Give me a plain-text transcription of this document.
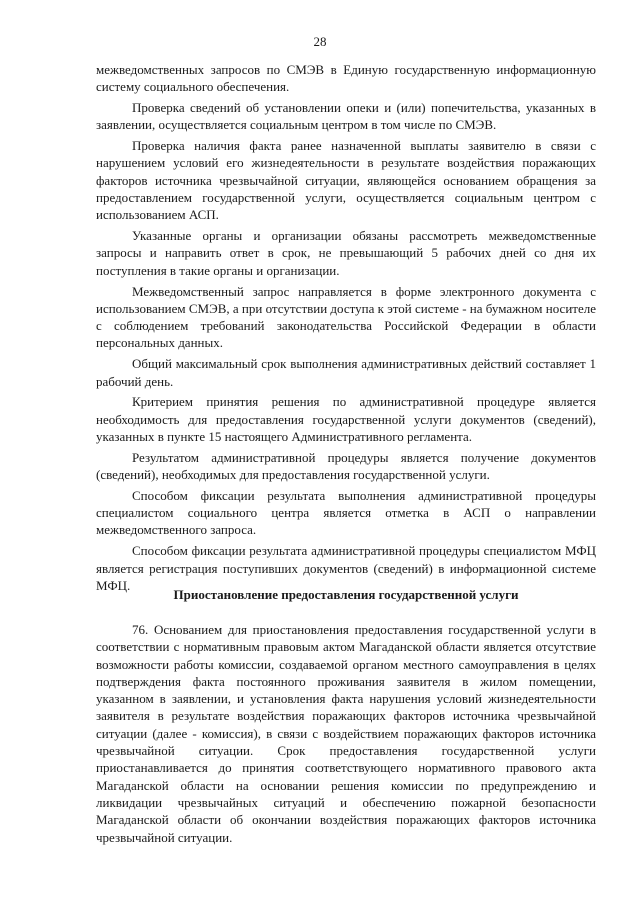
28

межведомственных запросов по СМЭВ в Единую государственную информационную систему социального обеспечения.

Проверка сведений об установлении опеки и (или) попечительства, указанных в заявлении, осуществляется социальным центром в том числе по СМЭВ.

Проверка наличия факта ранее назначенной выплаты заявителю в связи с нарушением условий его жизнедеятельности в результате воздействия поражающих факторов источника чрезвычайной ситуации, являющейся основанием обращения за предоставлением государственной услуги, осуществляется социальным центром с использованием АСП.

Указанные органы и организации обязаны рассмотреть межведомственные запросы и направить ответ в срок, не превышающий 5 рабочих дней со дня их поступления в такие органы и организации.

Межведомственный запрос направляется в форме электронного документа с использованием СМЭВ, а при отсутствии доступа к этой системе - на бумажном носителе с соблюдением требований законодательства Российской Федерации в области персональных данных.

Общий максимальный срок выполнения административных действий составляет 1 рабочий день.

Критерием принятия решения по административной процедуре является необходимость для предоставления государственной услуги документов (сведений), указанных в пункте 15 настоящего Административного регламента.

Результатом административной процедуры является получение документов (сведений), необходимых для предоставления государственной услуги.

Способом фиксации результата выполнения административной процедуры специалистом социального центра является отметка в АСП о направлении межведомственного запроса.

Способом фиксации результата административной процедуры специалистом МФЦ является регистрация поступивших документов (сведений) в информационной системе МФЦ.

Приостановление предоставления государственной услуги

76. Основанием для приостановления предоставления государственной услуги в соответствии с нормативным правовым актом Магаданской области является отсутствие возможности работы комиссии, создаваемой органом местного самоуправления в целях подтверждения факта постоянного проживания заявителя в жилом помещении, указанном в заявлении, и установления факта нарушения условий жизнедеятельности заявителя в результате воздействия поражающих факторов источника чрезвычайной ситуации (далее - комиссия), в связи с воздействием поражающих факторов источника чрезвычайной ситуации. Срок предоставления государственной услуги приостанавливается до принятия соответствующего нормативного правового акта Магаданской области на основании решения комиссии по предупреждению и ликвидации чрезвычайных ситуаций и обеспечению пожарной безопасности Магаданской области об окончании воздействия поражающих факторов источника чрезвычайной ситуации.
